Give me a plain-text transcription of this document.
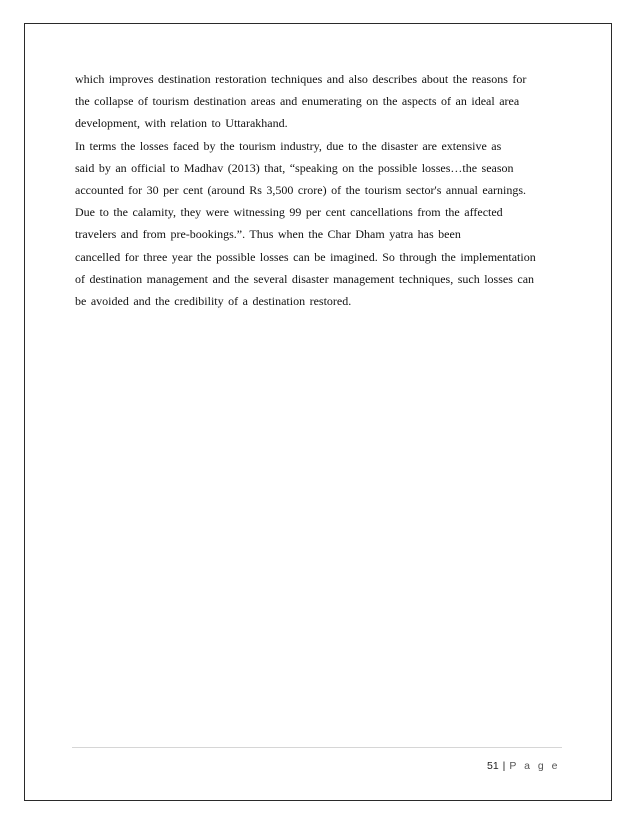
which improves destination restoration techniques and also describes about the reasons for
the collapse of tourism destination areas and enumerating on the aspects of an ideal area
development, with relation to Uttarakhand.
In terms the losses faced by the tourism industry, due to the disaster are extensive as
said by an official to Madhav (2013) that, “speaking on the possible losses…the season
accounted for 30 per cent (around Rs 3,500 crore) of the tourism sector's annual earnings.
Due to the calamity, they were witnessing 99 per cent cancellations from the affected
travelers and from pre-bookings.”. Thus when the Char Dham yatra has been
cancelled for three year the possible losses can be imagined. So through the implementation
of destination management and the several disaster management techniques, such losses can
be avoided and the credibility of a destination restored.
51 | P a g e
